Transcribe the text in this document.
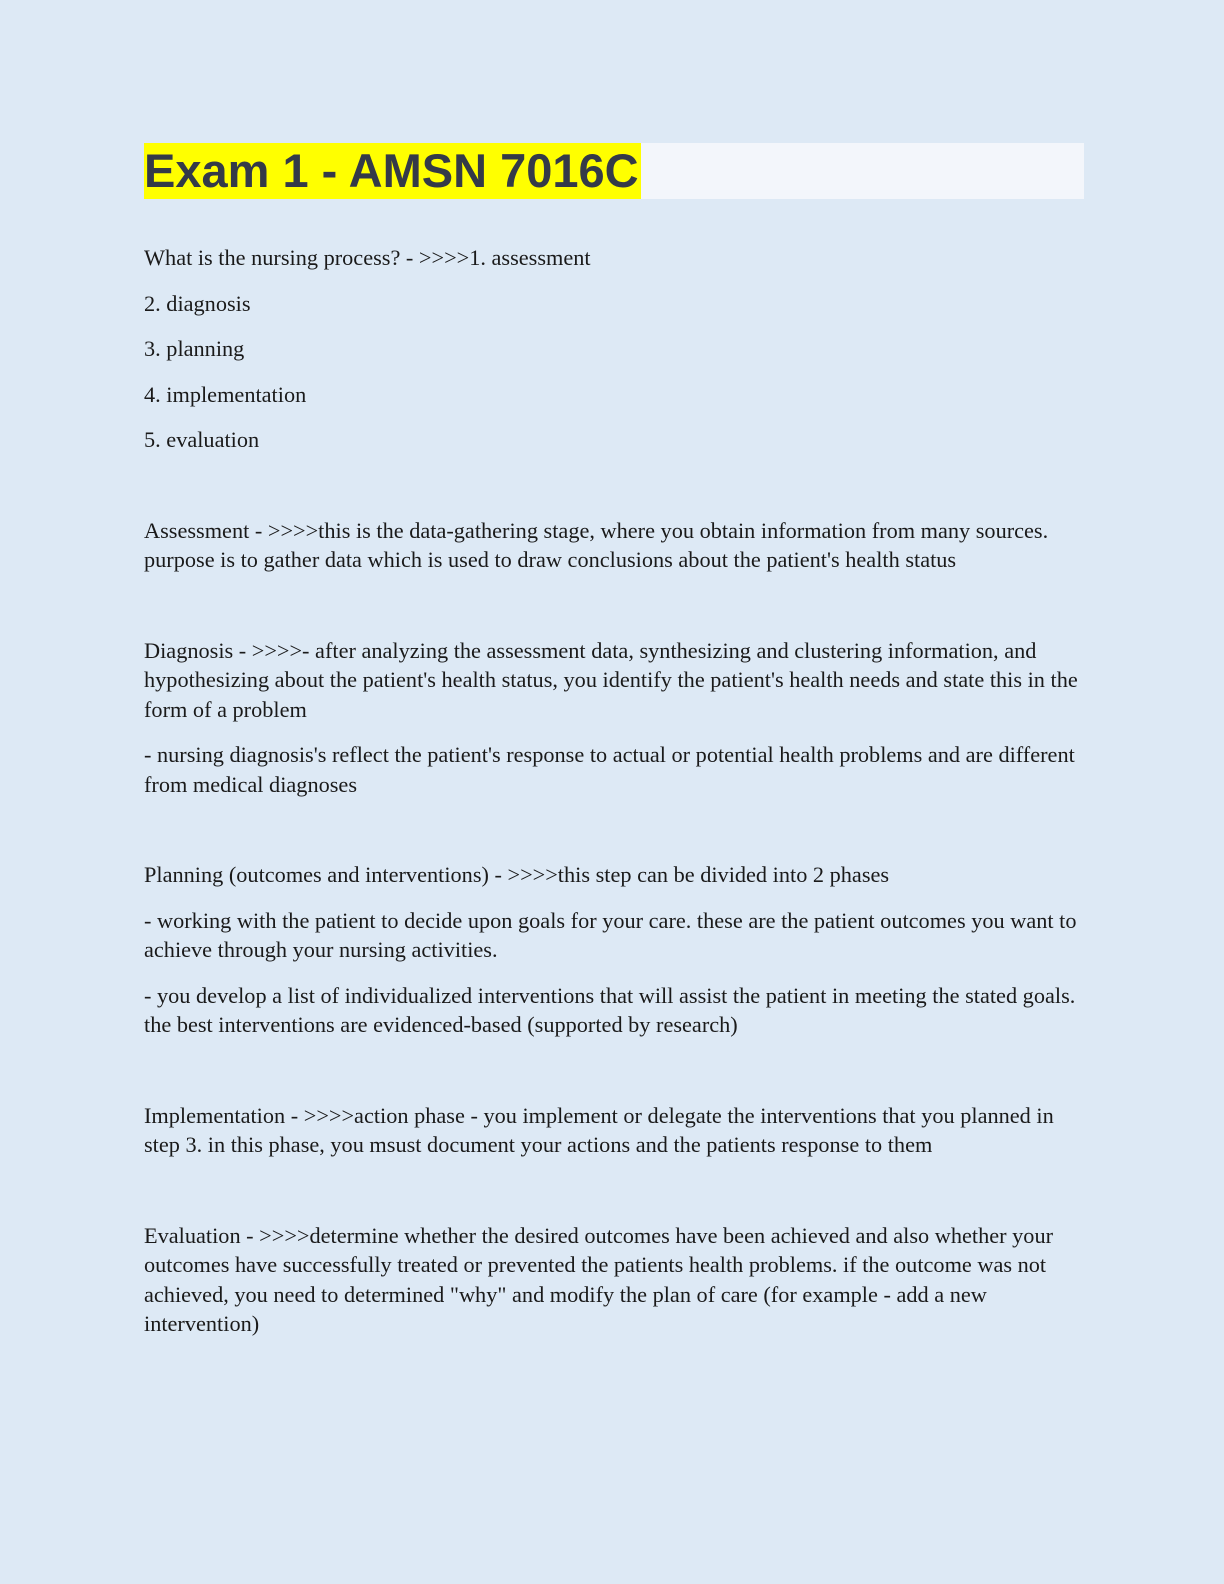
Exam 1 - AMSN 7016C

What is the nursing process? - >>>>1. assessment

2. diagnosis

3. planning

4. implementation

5. evaluation

Assessment - >>>>this is the data-gathering stage, where you obtain information from many sources. purpose is to gather data which is used to draw conclusions about the patient's health status

Diagnosis - >>>>- after analyzing the assessment data, synthesizing and clustering information, and hypothesizing about the patient's health status, you identify the patient's health needs and state this in the form of a problem

- nursing diagnosis's reflect the patient's response to actual or potential health problems and are different from medical diagnoses

Planning (outcomes and interventions) - >>>>this step can be divided into 2 phases

- working with the patient to decide upon goals for your care. these are the patient outcomes you want to achieve through your nursing activities.

- you develop a list of individualized interventions that will assist the patient in meeting the stated goals. the best interventions are evidenced-based (supported by research)

Implementation - >>>>action phase - you implement or delegate the interventions that you planned in step 3. in this phase, you msust document your actions and the patients response to them

Evaluation - >>>>determine whether the desired outcomes have been achieved and also whether your outcomes have successfully treated or prevented the patients health problems. if the outcome was not achieved, you need to determined "why" and modify the plan of care (for example - add a new intervention)
